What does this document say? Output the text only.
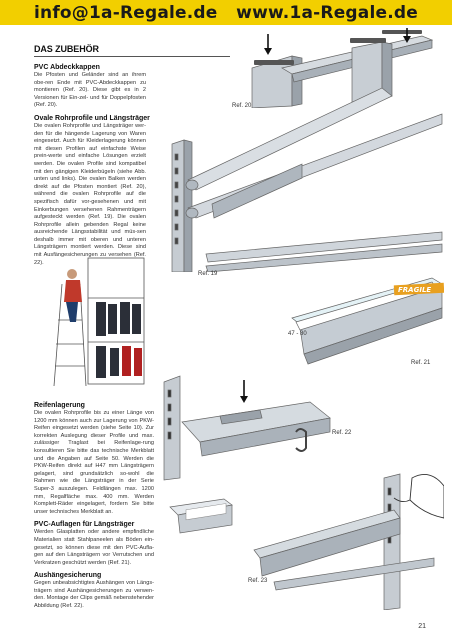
info@1a-Regale.de www.1a-Regale.de
DAS ZUBEHÖR
PVC Abdeckkappen
Die Pfosten und Geländer sind an ihrem obe-ren Ende mit PVC-Abdeckkappen zu montieren (Ref. 20). Diese gibt es in 2 Versionen für Ein-zel- und für Doppelpfosten (Ref. 20).
Ovale Rohrprofile und Längsträger
Die ovalen Rohrprofile und Längsträger wer-den für die hängende Lagerung von Waren eingesetzt. Auch für Kleiderlagerung können mit diesen Profilen auf einfachste Weise prein-werte und einfache Lösungen erzielt werden. Die ovalen Profile sind kompatibel mit den gängigen Kleiderbügeln (siehe Abb. unten und links). Die ovalen Balken werden direkt auf die Pfosten montiert (Ref. 20), während die ovalen Rohrprofile auf die spezifisch dafür vor-gesehenen und mit Einkerbungen versehenen Rahmenträgern aufgesteckt werden (Ref. 19). Die ovalen Rohrprofile allein gebenden Regal keine ausreichende Längsstabilität und müs-sen deshalb immer mit oberen und unteren Längsträgern montiert werden. Diese sind mit Ausfängesicherungen zu versehen (Ref. 22).
Reifenlagerung
Die ovalen Rohrprofile bis zu einer Länge von 1200 mm können auch zur Lagerung von PKW-Reifen eingesetzt werden (siehe Seite 10). Zur korrekten Auslegung dieser Profile und max. zulässiger Traglast bei Reifenlage-rung konsultieren Sie bitte das technische Merkblatt und die Angaben auf Seite 50. Werden die PKW-Reifen direkt auf H47 mm Längsträgern gelagert, sind grundsätzlich so-wohl die Rahmen wie die Längsträger in der Serie Super-3 auszulegen. Feldlängen max. 1200 mm, Regalfläche max. 400 mm. Werden Komplett-Räder eingelagert, fordern Sie bitte unser technisches Merkblatt an.
PVC-Auflagen für Längsträger
Werden Glasplatten oder andere empfindliche Materialien statt Stahlpaneelen als Böden ein-gesetzt, so können diese mit den PVC-Aufla-gen auf den Längsträgern vor Verrutschen und Verkratzen geschützt werden (Ref. 21).
Aushängesicherung
Gegen unbeabsichtigtes Aushängen von Längs-trägern sind Aushängesicherungen zu verwen-den. Montage der Clips gemäß nebenstehender Abbildung (Ref. 22).
Ref. 20
Ref. 19
FRAGILE
47 - 80
Ref. 21
Ref. 22
Ref. 23
21
